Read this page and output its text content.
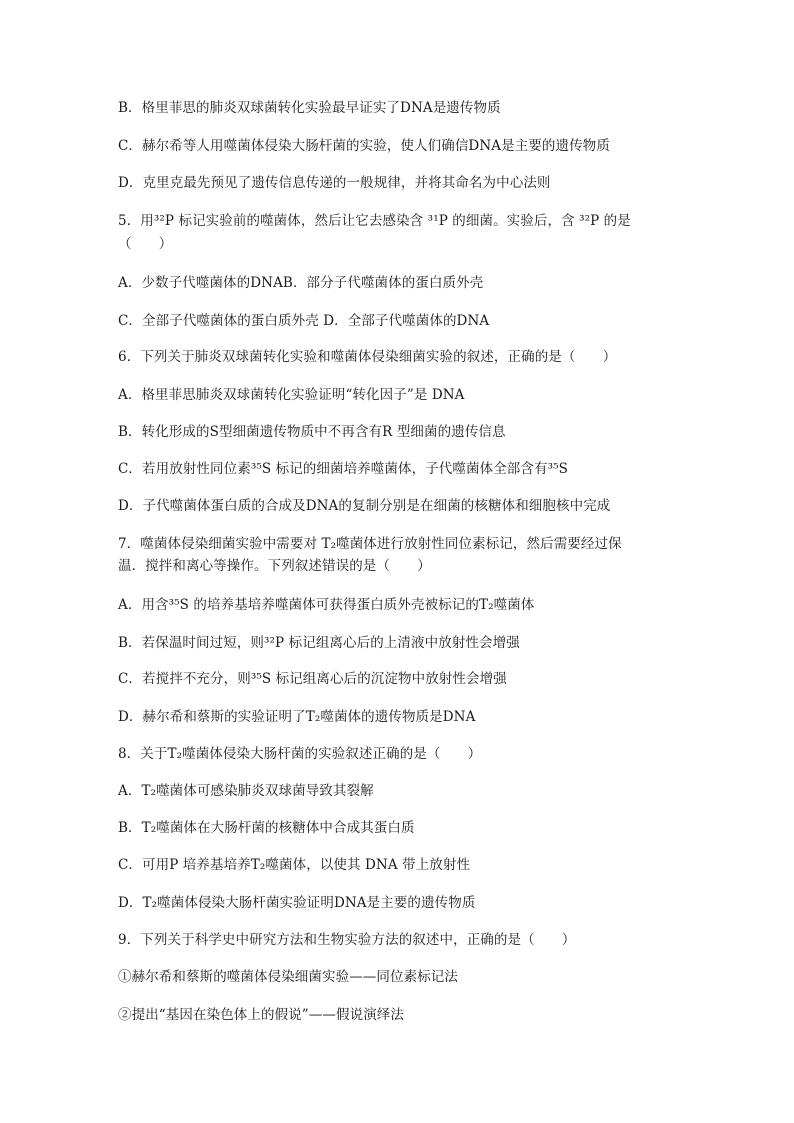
B．格里菲思的肺炎双球菌转化实验最早证实了DNA是遗传物质
C．赫尔希等人用噬菌体侵染大肠杆菌的实验，使人们确信DNA是主要的遗传物质
D．克里克最先预见了遗传信息传递的一般规律，并将其命名为中心法则
5．用³²P 标记实验前的噬菌体，然后让它去感染含 ³¹P 的细菌。实验后，含 ³²P 的是
（　　）
A．少数子代噬菌体的DNAB．部分子代噬菌体的蛋白质外壳
C．全部子代噬菌体的蛋白质外壳 D．全部子代噬菌体的DNA
6．下列关于肺炎双球菌转化实验和噬菌体侵染细菌实验的叙述，正确的是（　　）
A．格里菲思肺炎双球菌转化实验证明“转化因子”是 DNA
B．转化形成的S型细菌遗传物质中不再含有R 型细菌的遗传信息
C．若用放射性同位素³⁵S 标记的细菌培养噬菌体，子代噬菌体全部含有³⁵S
D．子代噬菌体蛋白质的合成及DNA的复制分别是在细菌的核糖体和细胞核中完成
7．噬菌体侵染细菌实验中需要对 T₂噬菌体进行放射性同位素标记，然后需要经过保
温．搅拌和离心等操作。下列叙述错误的是（　　）
A．用含³⁵S 的培养基培养噬菌体可获得蛋白质外壳被标记的T₂噬菌体
B．若保温时间过短，则³²P 标记组离心后的上清液中放射性会增强
C．若搅拌不充分，则³⁵S 标记组离心后的沉淀物中放射性会增强
D．赫尔希和蔡斯的实验证明了T₂噬菌体的遗传物质是DNA
8．关于T₂噬菌体侵染大肠杆菌的实验叙述正确的是（　　）
A．T₂噬菌体可感染肺炎双球菌导致其裂解
B．T₂噬菌体在大肠杆菌的核糖体中合成其蛋白质
C．可用P 培养基培养T₂噬菌体，以使其 DNA 带上放射性
D．T₂噬菌体侵染大肠杆菌实验证明DNA是主要的遗传物质
9．下列关于科学史中研究方法和生物实验方法的叙述中，正确的是（　　）
①赫尔希和蔡斯的噬菌体侵染细菌实验——同位素标记法
②提出“基因在染色体上的假说”——假说演绎法
